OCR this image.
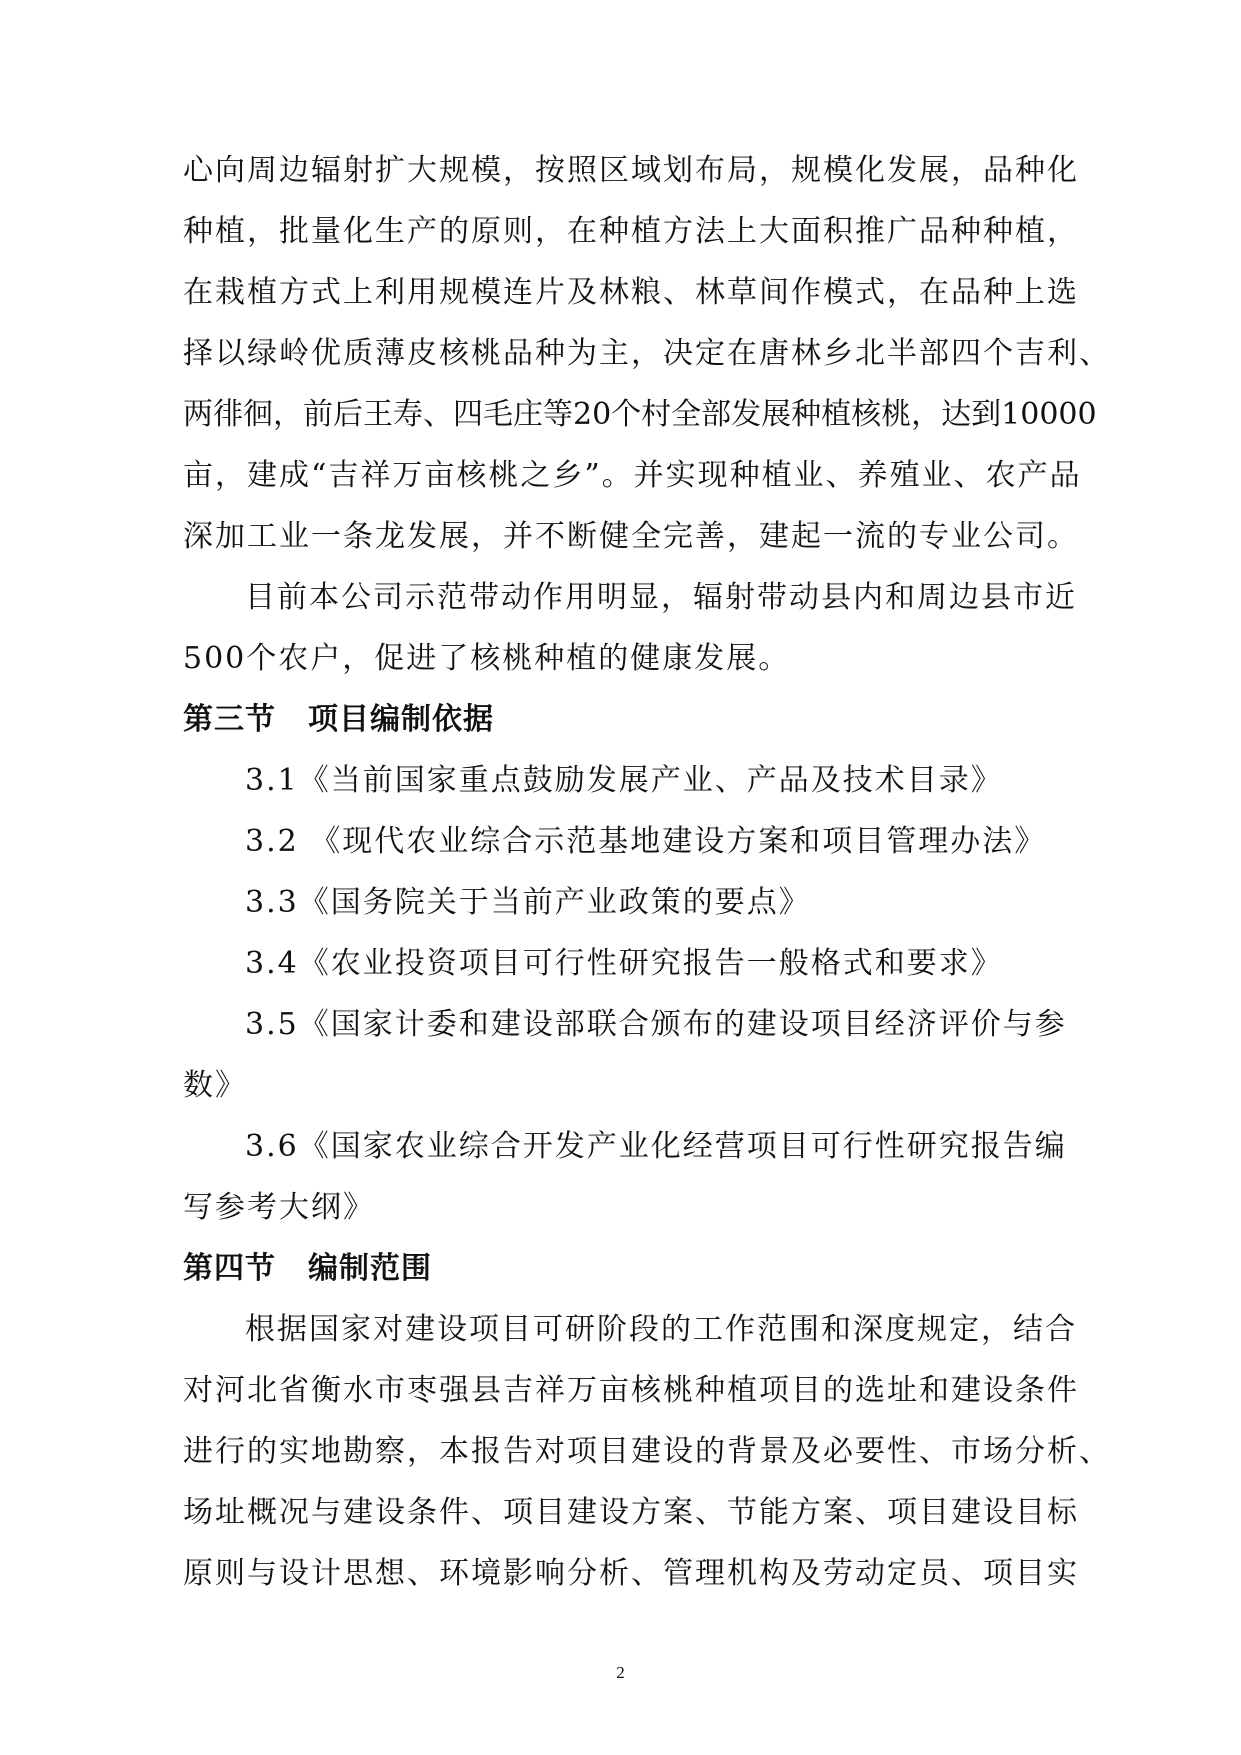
心向周边辐射扩大规模，按照区域划布局，规模化发展，品种化
种植，批量化生产的原则，在种植方法上大面积推广品种种植，
在栽植方式上利用规模连片及林粮、林草间作模式，在品种上选
择以绿岭优质薄皮核桃品种为主，决定在唐林乡北半部四个吉利、
两徘徊，前后王寿、四毛庄等20个村全部发展种植核桃，达到10000
亩，建成“吉祥万亩核桃之乡”。并实现种植业、养殖业、农产品
深加工业一条龙发展，并不断健全完善，建起一流的专业公司。
目前本公司示范带动作用明显，辐射带动县内和周边县市近
500个农户，促进了核桃种植的健康发展。
第三节 项目编制依据
3.1《当前国家重点鼓励发展产业、产品及技术目录》
3.2 《现代农业综合示范基地建设方案和项目管理办法》
3.3《国务院关于当前产业政策的要点》
3.4《农业投资项目可行性研究报告一般格式和要求》
3.5《国家计委和建设部联合颁布的建设项目经济评价与参
数》
3.6《国家农业综合开发产业化经营项目可行性研究报告编
写参考大纲》
第四节 编制范围
根据国家对建设项目可研阶段的工作范围和深度规定，结合
对河北省衡水市枣强县吉祥万亩核桃种植项目的选址和建设条件
进行的实地勘察，本报告对项目建设的背景及必要性、市场分析、
场址概况与建设条件、项目建设方案、节能方案、项目建设目标
原则与设计思想、环境影响分析、管理机构及劳动定员、项目实
2
